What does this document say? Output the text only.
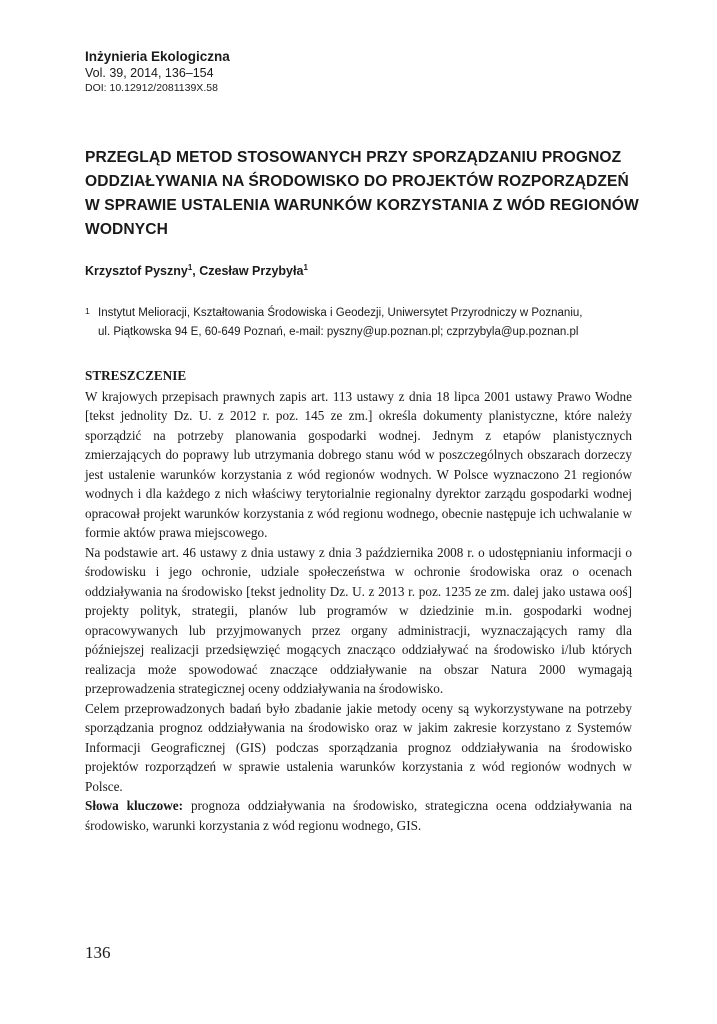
Inżynieria Ekologiczna
Vol. 39, 2014, 136–154
DOI: 10.12912/2081139X.58
PRZEGLĄD METOD STOSOWANYCH PRZY SPORZĄDZANIU PROGNOZ ODDZIAŁYWANIA NA ŚRODOWISKO DO PROJEKTÓW ROZPORZĄDZEŃ W SPRAWIE USTALENIA WARUNKÓW KORZYSTANIA Z WÓD REGIONÓW WODNYCH
Krzysztof Pyszny$^1$, Czesław Przybyła$^1$
1 Instytut Melioracji, Kształtowania Środowiska i Geodezji, Uniwersytet Przyrodniczy w Poznaniu,
ul. Piątkowska 94 E, 60-649 Poznań, e-mail: pyszny@up.poznan.pl; czprzybyla@up.poznan.pl
STRESZCZENIE

W krajowych przepisach prawnych zapis art. 113 ustawy z dnia 18 lipca 2001 ustawy Prawo Wodne [tekst jednolity Dz. U. z 2012 r. poz. 145 ze zm.] określa dokumenty planistyczne, które należy sporządzić na potrzeby planowania gospodarki wodnej. Jednym z etapów planistycznych zmierzających do poprawy lub utrzymania dobrego stanu wód w poszczególnych obszarach dorzeczy jest ustalenie warunków korzystania z wód regionów wodnych. W Polsce wyznaczono 21 regionów wodnych i dla każdego z nich właściwy terytorialnie regionalny dyrektor zarządu gospodarki wodnej opracował projekt warunków korzystania z wód regionu wodnego, obecnie następuje ich uchwalanie w formie aktów prawa miejscowego.

Na podstawie art. 46 ustawy z dnia ustawy z dnia 3 października 2008 r. o udostępnianiu informacji o środowisku i jego ochronie, udziale społeczeństwa w ochronie środowiska oraz o ocenach oddziaływania na środowisko [tekst jednolity Dz. U. z 2013 r. poz. 1235 ze zm. dalej jako ustawa ooś] projekty polityk, strategii, planów lub programów w dziedzinie m.in. gospodarki wodnej opracowywanych lub przyjmowanych przez organy administracji, wyznaczających ramy dla późniejszej realizacji przedsięwzięć mogących znacząco oddziaływać na środowisko i/lub których realizacja może spowodować znaczące oddziaływanie na obszar Natura 2000 wymagają przeprowadzenia strategicznej oceny oddziaływania na środowisko.

Celem przeprowadzonych badań było zbadanie jakie metody oceny są wykorzystywane na potrzeby sporządzania prognoz oddziaływania na środowisko oraz w jakim zakresie korzystano z Systemów Informacji Geograficznej (GIS) podczas sporządzania prognoz oddziaływania na środowisko projektów rozporządzeń w sprawie ustalenia warunków korzystania z wód regionów wodnych w Polsce.

Słowa kluczowe: prognoza oddziaływania na środowisko, strategiczna ocena oddziaływania na środowisko, warunki korzystania z wód regionu wodnego, GIS.

136
